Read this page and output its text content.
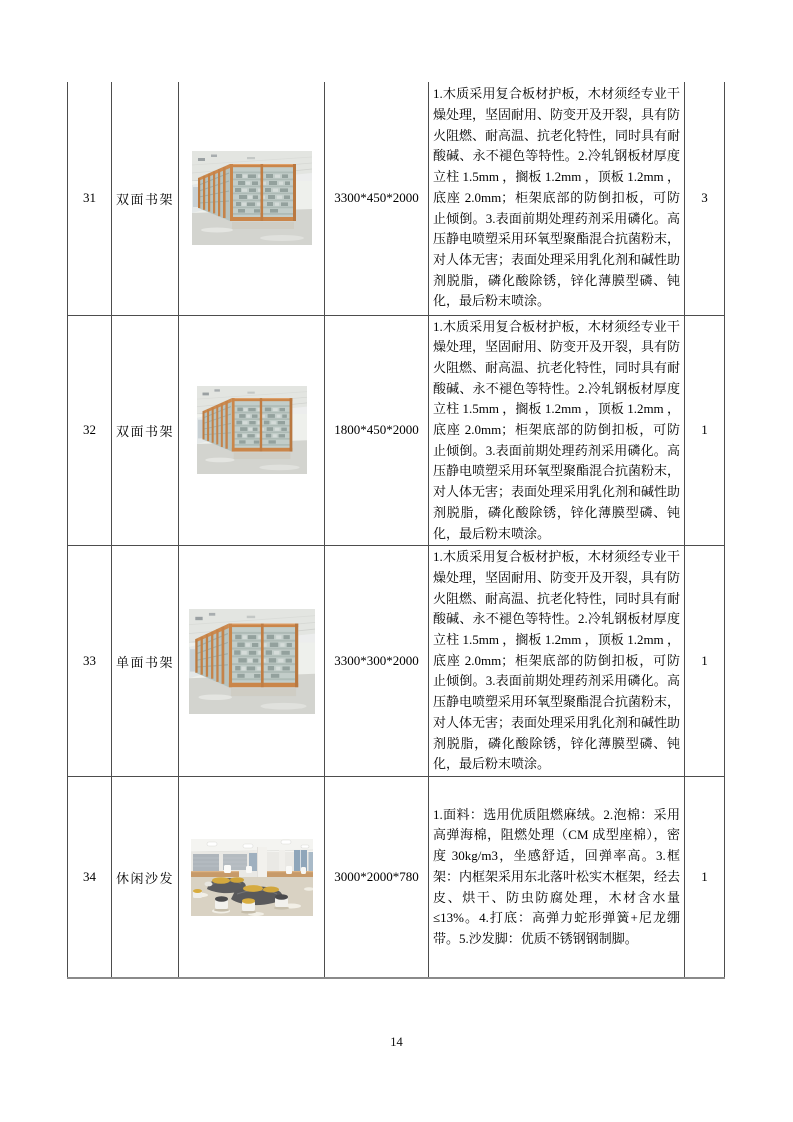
31	双面书架		3300*450*2000	1.木质采用复合板材护板，木材须经专业干燥处理，坚固耐用、防变开及开裂，具有防火阻燃、耐高温、抗老化特性，同时具有耐酸碱、永不褪色等特性。2.冷轧钢板材厚度立柱 1.5mm ，搁板 1.2mm ，顶板 1.2mm ，底座 2.0mm；柜架底部的防倒扣板，可防止倾倒。3.表面前期处理药剂采用磷化。高压静电喷塑采用环氧型聚酯混合抗菌粉末，对人体无害；表面处理采用乳化剂和碱性助剂脱脂，磷化酸除锈，锌化薄膜型磷、钝化，最后粉末喷涂。	3
32	双面书架		1800*450*2000	1.木质采用复合板材护板，木材须经专业干燥处理，坚固耐用、防变开及开裂，具有防火阻燃、耐高温、抗老化特性，同时具有耐酸碱、永不褪色等特性。2.冷轧钢板材厚度立柱 1.5mm ，搁板 1.2mm ，顶板 1.2mm ，底座 2.0mm；柜架底部的防倒扣板，可防止倾倒。3.表面前期处理药剂采用磷化。高压静电喷塑采用环氧型聚酯混合抗菌粉末，对人体无害；表面处理采用乳化剂和碱性助剂脱脂，磷化酸除锈，锌化薄膜型磷、钝化，最后粉末喷涂。	1
33	单面书架		3300*300*2000	1.木质采用复合板材护板，木材须经专业干燥处理，坚固耐用、防变开及开裂，具有防火阻燃、耐高温、抗老化特性，同时具有耐酸碱、永不褪色等特性。2.冷轧钢板材厚度立柱 1.5mm ，搁板 1.2mm ，顶板 1.2mm ，底座 2.0mm；柜架底部的防倒扣板，可防止倾倒。3.表面前期处理药剂采用磷化。高压静电喷塑采用环氧型聚酯混合抗菌粉末，对人体无害；表面处理采用乳化剂和碱性助剂脱脂，磷化酸除锈，锌化薄膜型磷、钝化，最后粉末喷涂。	1
34	休闲沙发		3000*2000*780	1.面料：选用优质阻燃麻绒。2.泡棉：采用高弹海棉，阻燃处理（CM 成型座棉），密度 30kg/m3，坐感舒适，回弹率高。3.框架：内框架采用东北落叶松实木框架，经去皮、烘干、防虫防腐处理，木材含水量≤13%。4.打底：高弹力蛇形弹簧+尼龙绷带。5.沙发脚：优质不锈钢钢制脚。	1
14
